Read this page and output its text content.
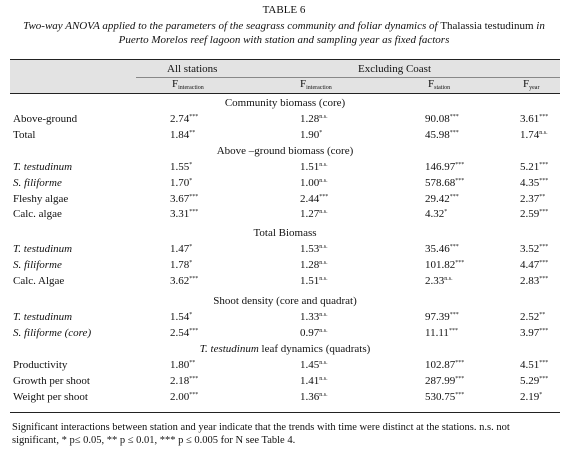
TABLE 6
Two-way ANOVA applied to the parameters of the seagrass community and foliar dynamics of Thalassia testudinum in Puerto Morelos reef lagoon with station and sampling year as fixed factors
All stations	Excluding Coast
$F_{interaction}$	$F_{interaction}$	$F_{station}$	$F_{year}$
Community biomass (core)
Above-ground	2.74***	$1.28^{n.s.}$	90.08***	3.61***
Total	1.84**	1.90*	45.98***	$1.74^{n.s.}$
Above –ground biomass (core)
T. testudinum	1.55*	$1.51^{n.s.}$	146.97***	5.21***
S. filiforme	1.70*	$1.00^{n.s.}$	578.68***	4.35***
Fleshy algae	3.67***	2.44***	29.42***	2.37**
Calc. algae	3.31***	$1.27^{n.s.}$	4.32*	2.59***
Total Biomass
T. testudinum	1.47*	$1.53^{n.s.}$	35.46***	3.52***
S. filiforme	1.78*	$1.28^{n.s.}$	101.82***	4.47***
Calc. Algae	3.62***	$1.51^{n.s.}$	$2.33^{n.s.}$	2.83***
Shoot density (core and quadrat)
T. testudinum	1.54*	$1.33^{n.s.}$	97.39***	2.52**
S. filiforme (core)	2.54***	$0.97^{n.s.}$	11.11***	3.97***
T. testudinum leaf dynamics (quadrats)
Productivity	1.80**	$1.45^{n.s.}$	102.87***	4.51***
Growth per shoot	2.18***	$1.41^{n.s.}$	287.99***	5.29***
Weight per shoot	2.00***	$1.36^{n.s.}$	530.75***	2.19*
Significant interactions between station and year indicate that the trends with time were distinct at the stations. n.s. not significant, * p≤ 0.05, ** p ≤ 0.01, *** p ≤ 0.005 for N see Table 4.
